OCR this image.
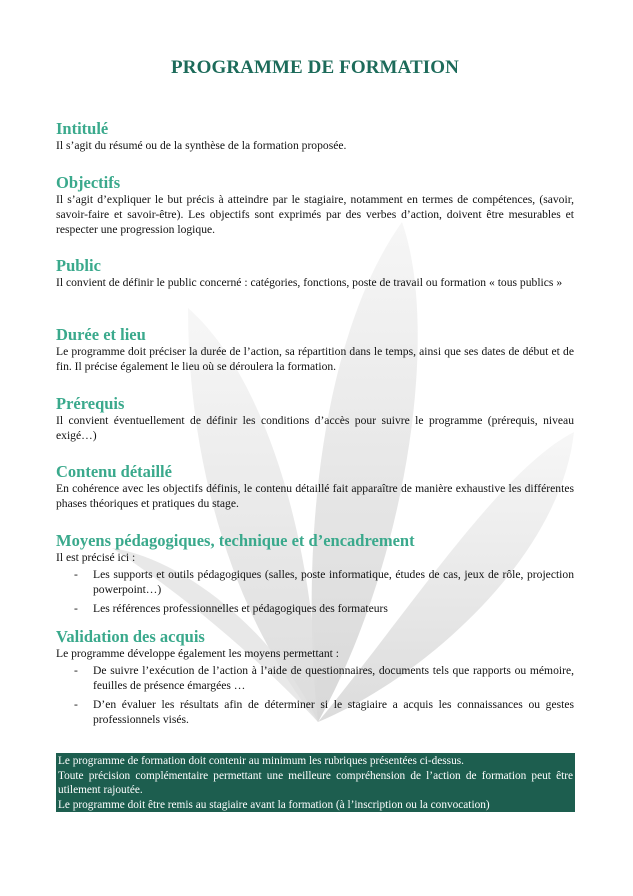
PROGRAMME DE FORMATION
Intitulé

Il s’agit du résumé ou de la synthèse de la formation proposée.

Objectifs

Il s’agit d’expliquer le but précis à atteindre par le stagiaire, notamment en termes de compétences, (savoir, savoir-faire et savoir-être). Les objectifs sont exprimés par des verbes d’action, doivent être mesurables et respecter une progression logique.

Public

Il convient de définir le public concerné : catégories, fonctions, poste de travail ou formation « tous publics »

Durée et lieu

Le programme doit préciser la durée de l’action, sa répartition dans le temps, ainsi que ses dates de début et de fin. Il précise également le lieu où se déroulera la formation.

Prérequis

Il convient éventuellement de définir les conditions d’accès pour suivre le programme (prérequis, niveau exigé…)

Contenu détaillé

En cohérence avec les objectifs définis, le contenu détaillé fait apparaître de manière exhaustive les différentes phases théoriques et pratiques du stage.

Moyens pédagogiques, technique et d’encadrement

Il est précisé ici :

- Les supports et outils pédagogiques (salles, poste informatique, études de cas, jeux de rôle, projection powerpoint…)
- Les références professionnelles et pédagogiques des formateurs
Validation des acquis

Le programme développe également les moyens permettant :

- De suivre l’exécution de l’action à l’aide de questionnaires, documents tels que rapports ou mémoire, feuilles de présence émargées …
- D’en évaluer les résultats afin de déterminer si le stagiaire a acquis les connaissances ou gestes professionnels visés.
Le programme de formation doit contenir au minimum les rubriques présentées ci-dessus.
Toute précision complémentaire permettant une meilleure compréhension de l’action de formation peut être utilement rajoutée.
Le programme doit être remis au stagiaire avant la formation (à l’inscription ou la convocation)
